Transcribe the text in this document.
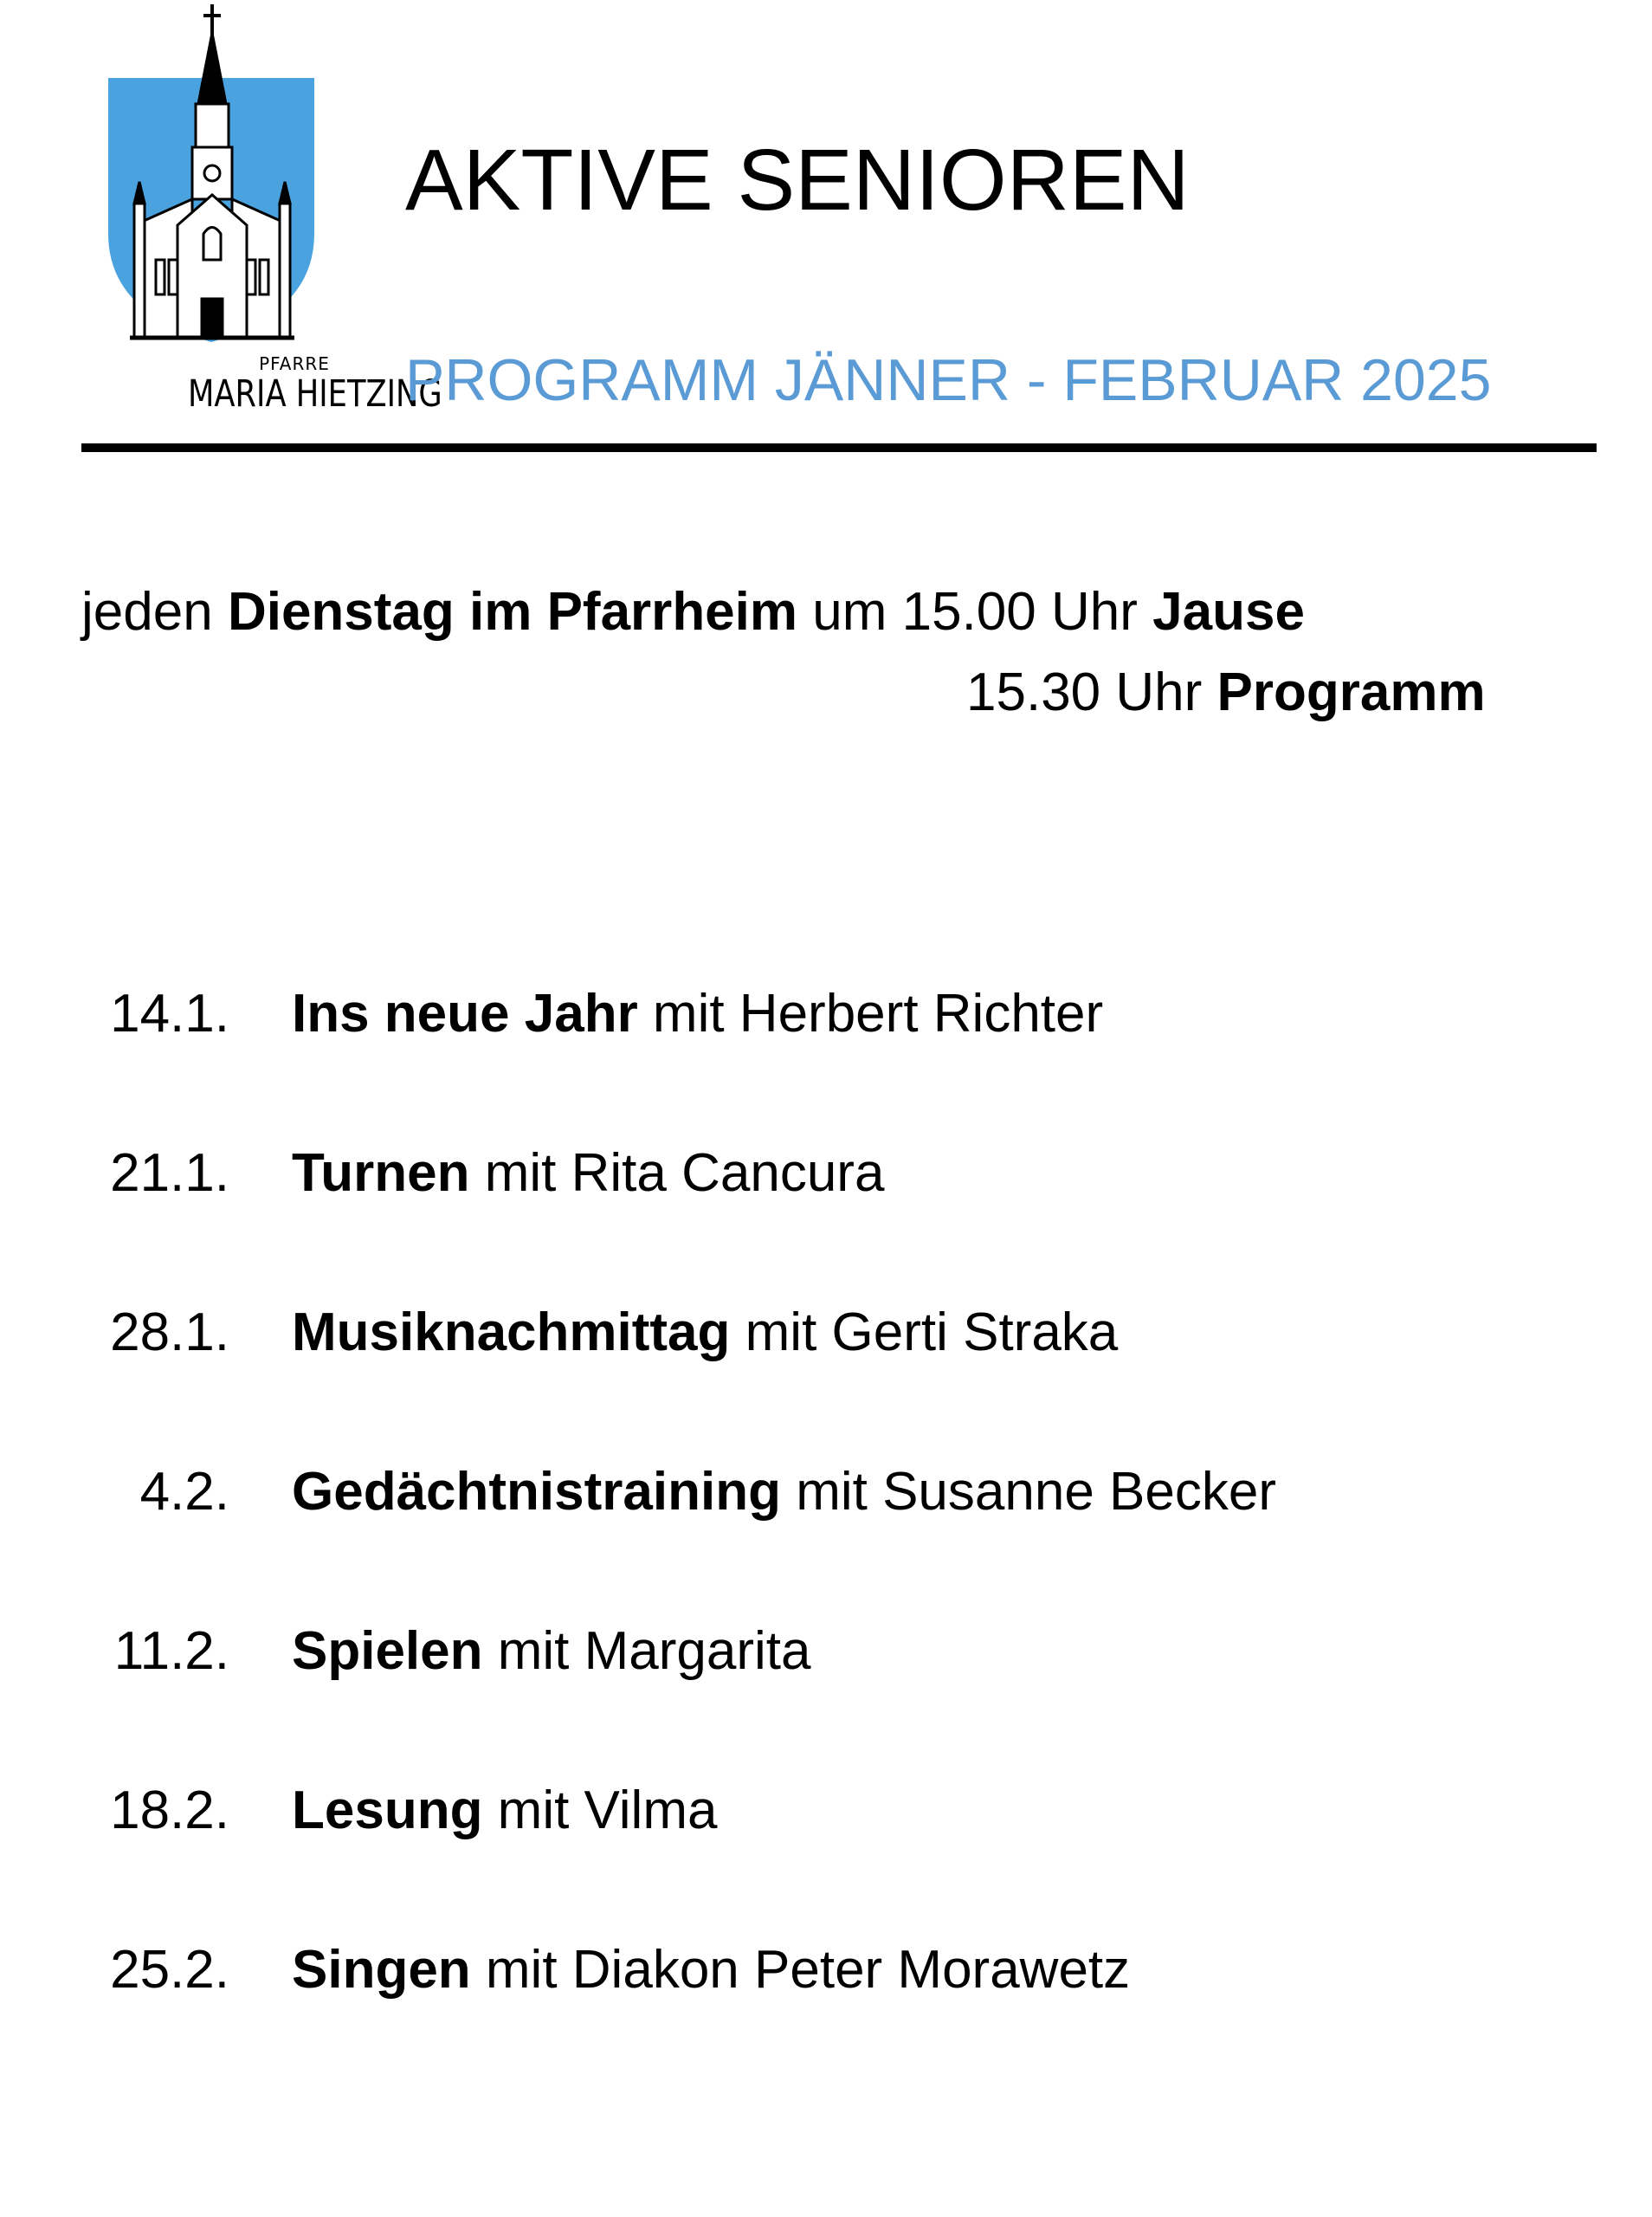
PFARRE
MARIA HIETZING
AKTIVE SENIOREN
PROGRAMM JÄNNER - FEBRUAR 2025
jeden Dienstag im Pfarrheim um 15.00 Uhr Jause
15.30 Uhr Programm
14.1. Ins neue Jahr mit Herbert Richter
21.1. Turnen mit Rita Cancura
28.1. Musiknachmittag mit Gerti Straka
4.2. Gedächtnistraining mit Susanne Becker
11.2. Spielen mit Margarita
18.2. Lesung mit Vilma
25.2. Singen mit Diakon Peter Morawetz
